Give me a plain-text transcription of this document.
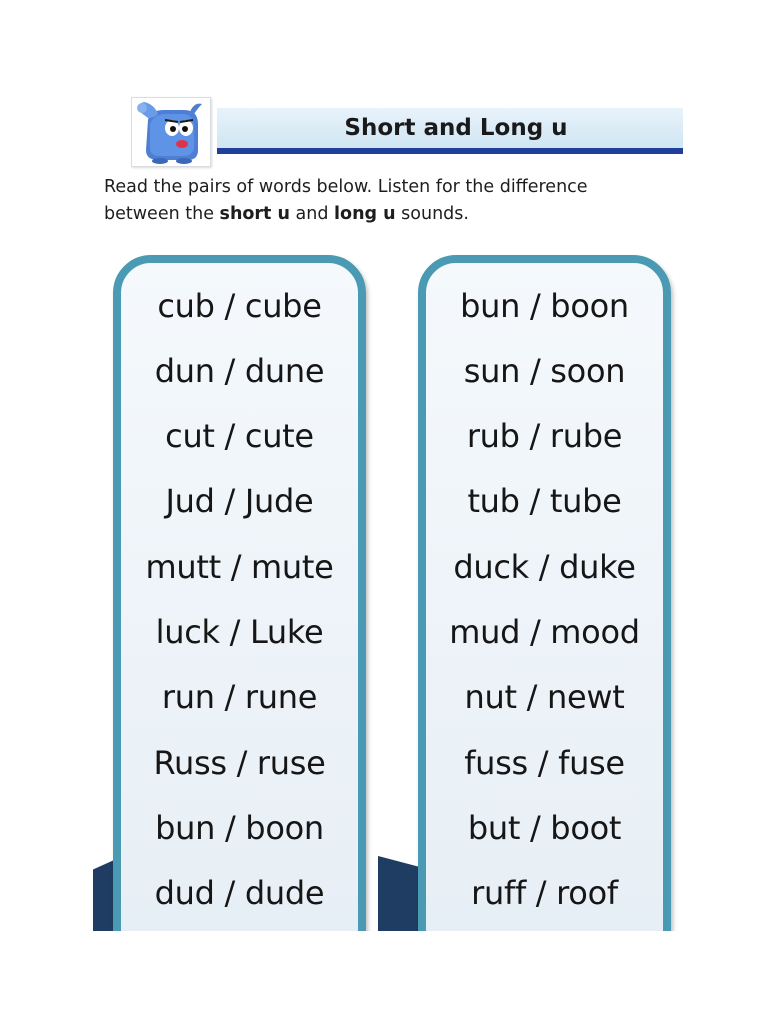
cub / cube
dun / dune
cut / cute
Jud / Jude
mutt / mute
luck / Luke
run / rune
Russ / ruse
bun / boon
dud / dude
bun / boon
sun / soon
rub / rube
tub / tube
duck / duke
mud / mood
nut / newt
fuss / fuse
but / boot
ruff / roof
Short and Long u
Read the pairs of words below. Listen for the difference
between the short u and long u sounds.
